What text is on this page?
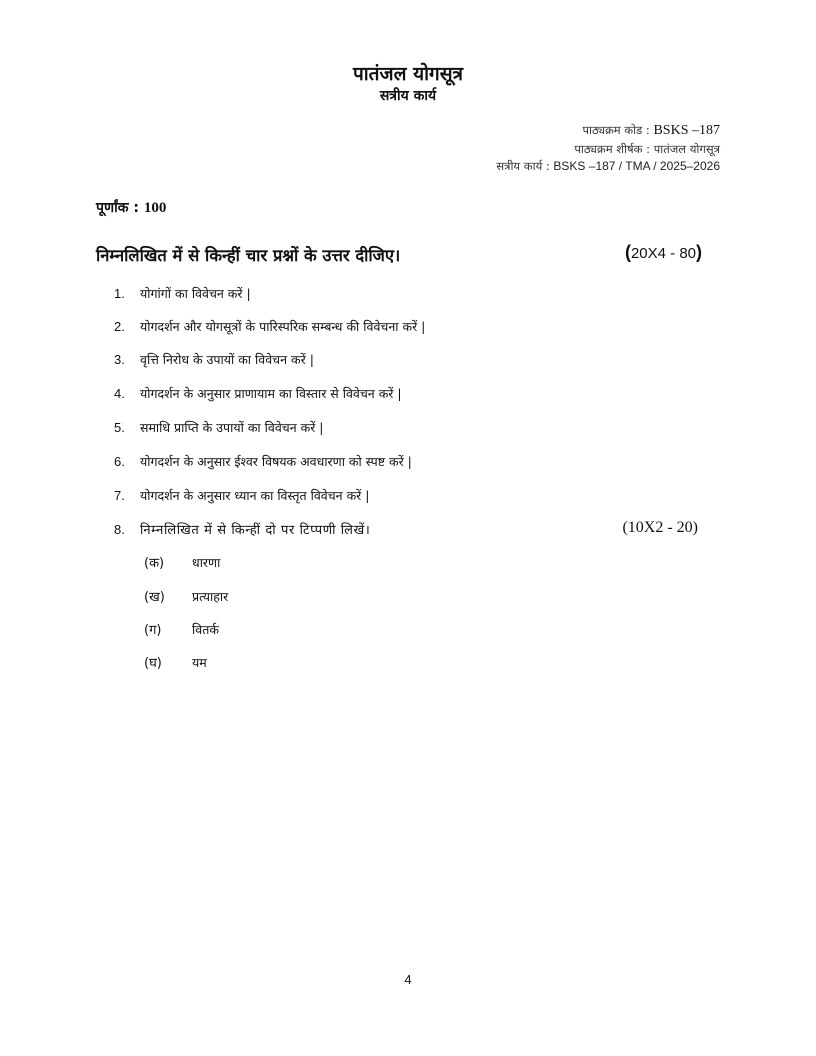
पातंजल योगसूत्र
सत्रीय कार्य
पाठ्यक्रम कोड : BSKS –187
पाठ्यक्रम शीर्षक : पातंजल योगसूत्र
सत्रीय कार्य : BSKS –187 / TMA / 2025–2026
पूर्णांक : 100
निम्नलिखित में से किन्हीं चार प्रश्नों के उत्तर दीजिए।	(20X4 - 80)
1.	योगांगों का विवेचन करें |
2.	योगदर्शन और योगसूत्रों के पारिस्परिक सम्बन्ध की विवेचना करें |
3.	वृत्ति निरोध के उपायों का विवेचन करें |
4.	योगदर्शन के अनुसार प्राणायाम का विस्तार से विवेचन करें |
5.	समाधि प्राप्ति के उपायों का विवेचन करें |
6.	योगदर्शन के अनुसार ईश्वर विषयक अवधारणा को स्पष्ट करें |
7.	योगदर्शन के अनुसार ध्यान का विस्तृत विवेचन करें |
8.	निम्नलिखित में से किन्हीं दो पर टिप्पणी लिखें।	(10X2 - 20)
(क)	धारणा
(ख)	प्रत्याहार
(ग)	वितर्क
(घ)	यम
4
